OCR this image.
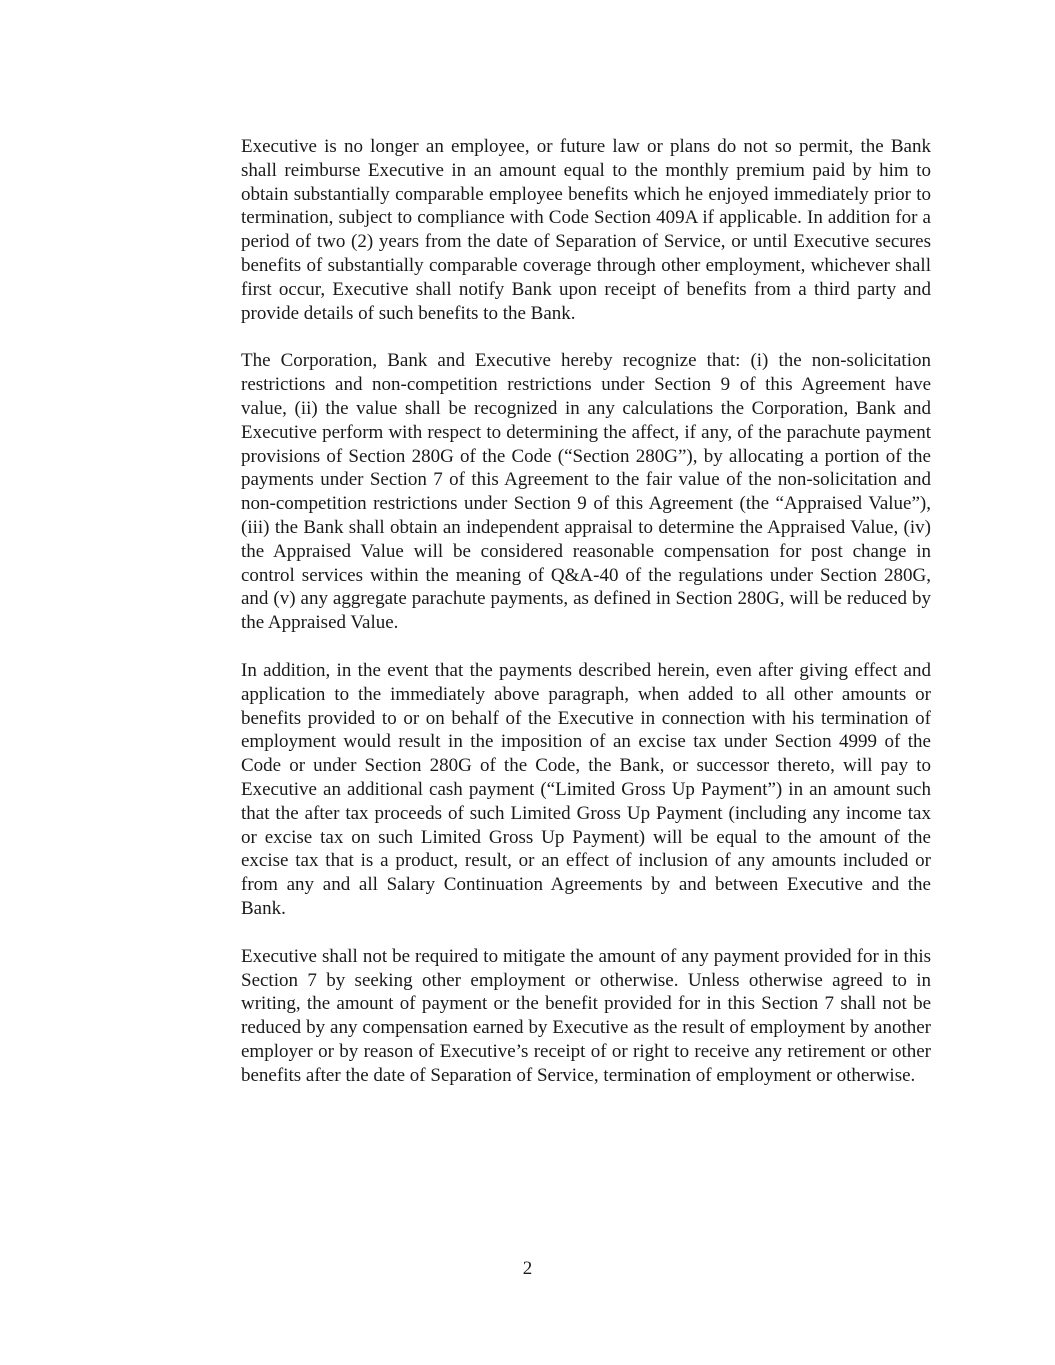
Executive is no longer an employee, or future law or plans do not so permit, the Bank shall reimburse Executive in an amount equal to the monthly premium paid by him to obtain substantially comparable employee benefits which he enjoyed immediately prior to termination, subject to compliance with Code Section 409A if applicable. In addition for a period of two (2) years from the date of Separation of Service, or until Executive secures benefits of substantially comparable coverage through other employment, whichever shall first occur, Executive shall notify Bank upon receipt of benefits from a third party and provide details of such benefits to the Bank.

The Corporation, Bank and Executive hereby recognize that: (i) the non-solicitation restrictions and non-competition restrictions under Section 9 of this Agreement have value, (ii) the value shall be recognized in any calculations the Corporation, Bank and Executive perform with respect to determining the affect, if any, of the parachute payment provisions of Section 280G of the Code (“Section 280G”), by allocating a portion of the payments under Section 7 of this Agreement to the fair value of the non-solicitation and non-competition restrictions under Section 9 of this Agreement (the “Appraised Value”), (iii) the Bank shall obtain an independent appraisal to determine the Appraised Value, (iv) the Appraised Value will be considered reasonable compensation for post change in control services within the meaning of Q&A-40 of the regulations under Section 280G, and (v) any aggregate parachute payments, as defined in Section 280G, will be reduced by the Appraised Value.

In addition, in the event that the payments described herein, even after giving effect and application to the immediately above paragraph, when added to all other amounts or benefits provided to or on behalf of the Executive in connection with his termination of employment would result in the imposition of an excise tax under Section 4999 of the Code or under Section 280G of the Code, the Bank, or successor thereto, will pay to Executive an additional cash payment (“Limited Gross Up Payment”) in an amount such that the after tax proceeds of such Limited Gross Up Payment (including any income tax or excise tax on such Limited Gross Up Payment) will be equal to the amount of the excise tax that is a product, result, or an effect of inclusion of any amounts included or from any and all Salary Continuation Agreements by and between Executive and the Bank.

Executive shall not be required to mitigate the amount of any payment provided for in this Section 7 by seeking other employment or otherwise. Unless otherwise agreed to in writing, the amount of payment or the benefit provided for in this Section 7 shall not be reduced by any compensation earned by Executive as the result of employment by another employer or by reason of Executive’s receipt of or right to receive any retirement or other benefits after the date of Separation of Service, termination of employment or otherwise.

2
